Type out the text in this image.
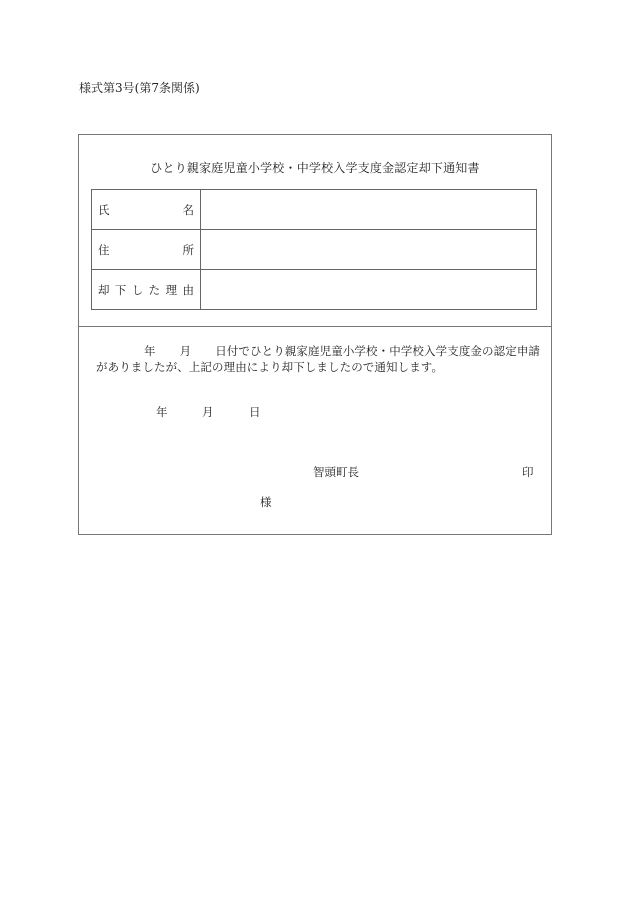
様式第3号(第7条関係)
ひとり親家庭児童小学校・中学校入学支度金認定却下通知書
氏 名	

住 所	

却 下 し た 理 由

年 月 日付でひとり親家庭児童小学校・中学校入学支度金の認定申請
がありましたが、上記の理由により却下しましたので通知します。
年	月	日
智頭町長	印
様
